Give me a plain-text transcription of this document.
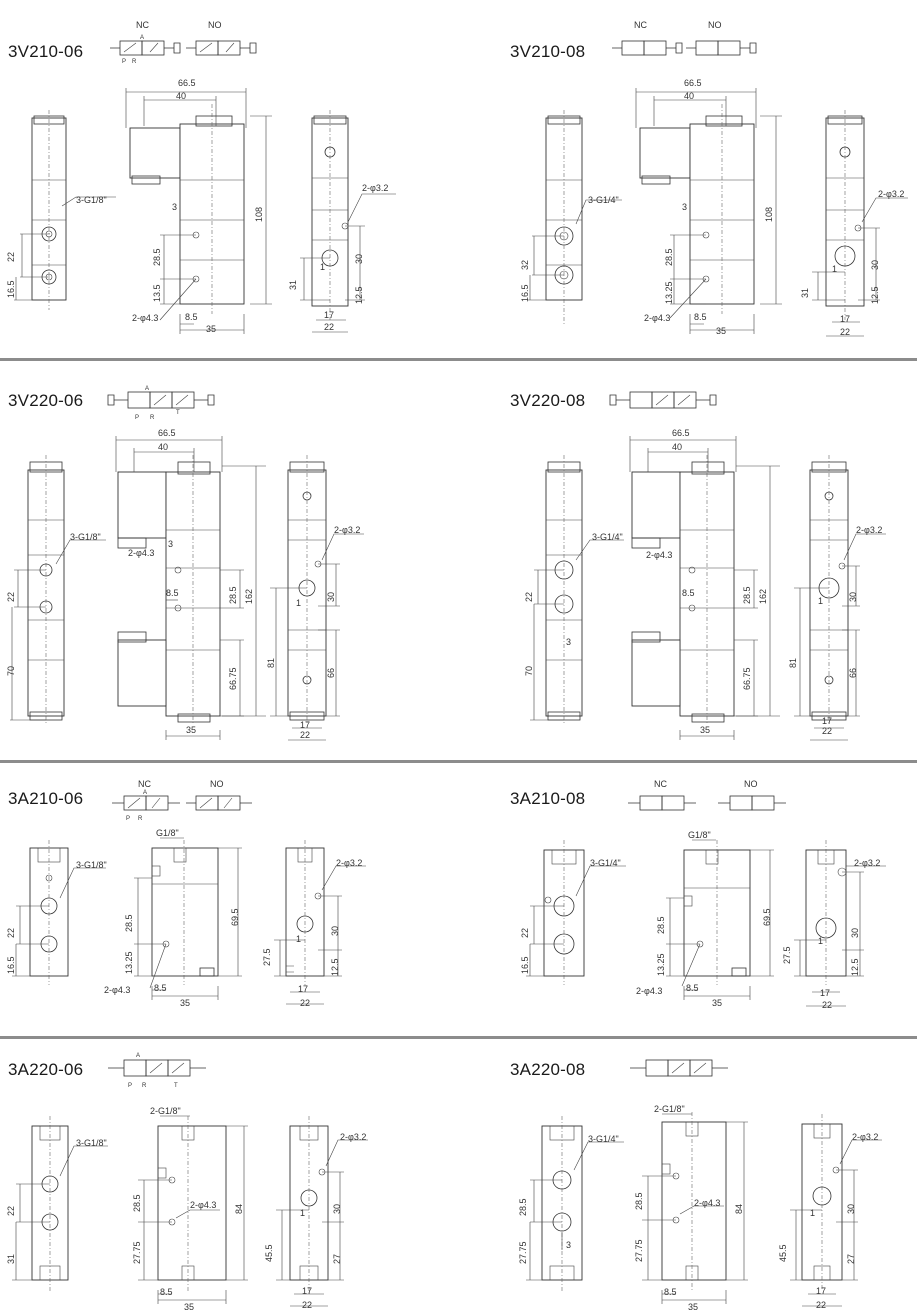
3V210-06	3V210-08
3V220-06	3V220-08
3A210-06	3A210-08
3A220-06	3A220-08
NC
A
P R
NO
3-G1/8"
22
16.5
66.5
40
108
28.5
13.5
2-φ4.3	8.5
35
3
2-φ3.2
30
31
12.5
17
22
1
NC	NO
3-G1/4"
32
16.5
66.5
40
108
28.5
13.25
2-φ4.3	8.5
35
3
2-φ3.2
30
31	12.5
17
22
1
A
P R
T
3-G1/8"
22
70
66.5
40
162
2-φ4.3
3
8.5	28.5
66.75
35
2-φ3.2
30
81
66
17
22
1
3-G1/4"
22
70
3
66.5
40
162
2-φ4.3
8.5	28.5
66.75
35
2-φ3.2
30
81
66
17
22
1
NC
A
P R
NO	NC	NO
3-G1/8"
22
16.5
G1/8"
69.5
28.5
13.25
2-φ4.3	8.5
35
2-φ3.2
30
27.5
12.5
17
22
1
3-G1/4"
22
16.5
G1/8"
69.5
28.5
13.25
2-φ4.3	8.5
35
2-φ3.2
30
27.5
12.5
17
22
1
A
P R	T
3-G1/8"
22
31
2-G1/8"
84
28.5
27.75
2-φ4.3
8.5
35
2-φ3.2
30
45.5	27
17
22
1
3-G1/4"
28.5
27.75	3
2-G1/8"
84
28.5
27.75
2-φ4.3
8.5
35
2-φ3.2
30
45.5	27
17
22
1
